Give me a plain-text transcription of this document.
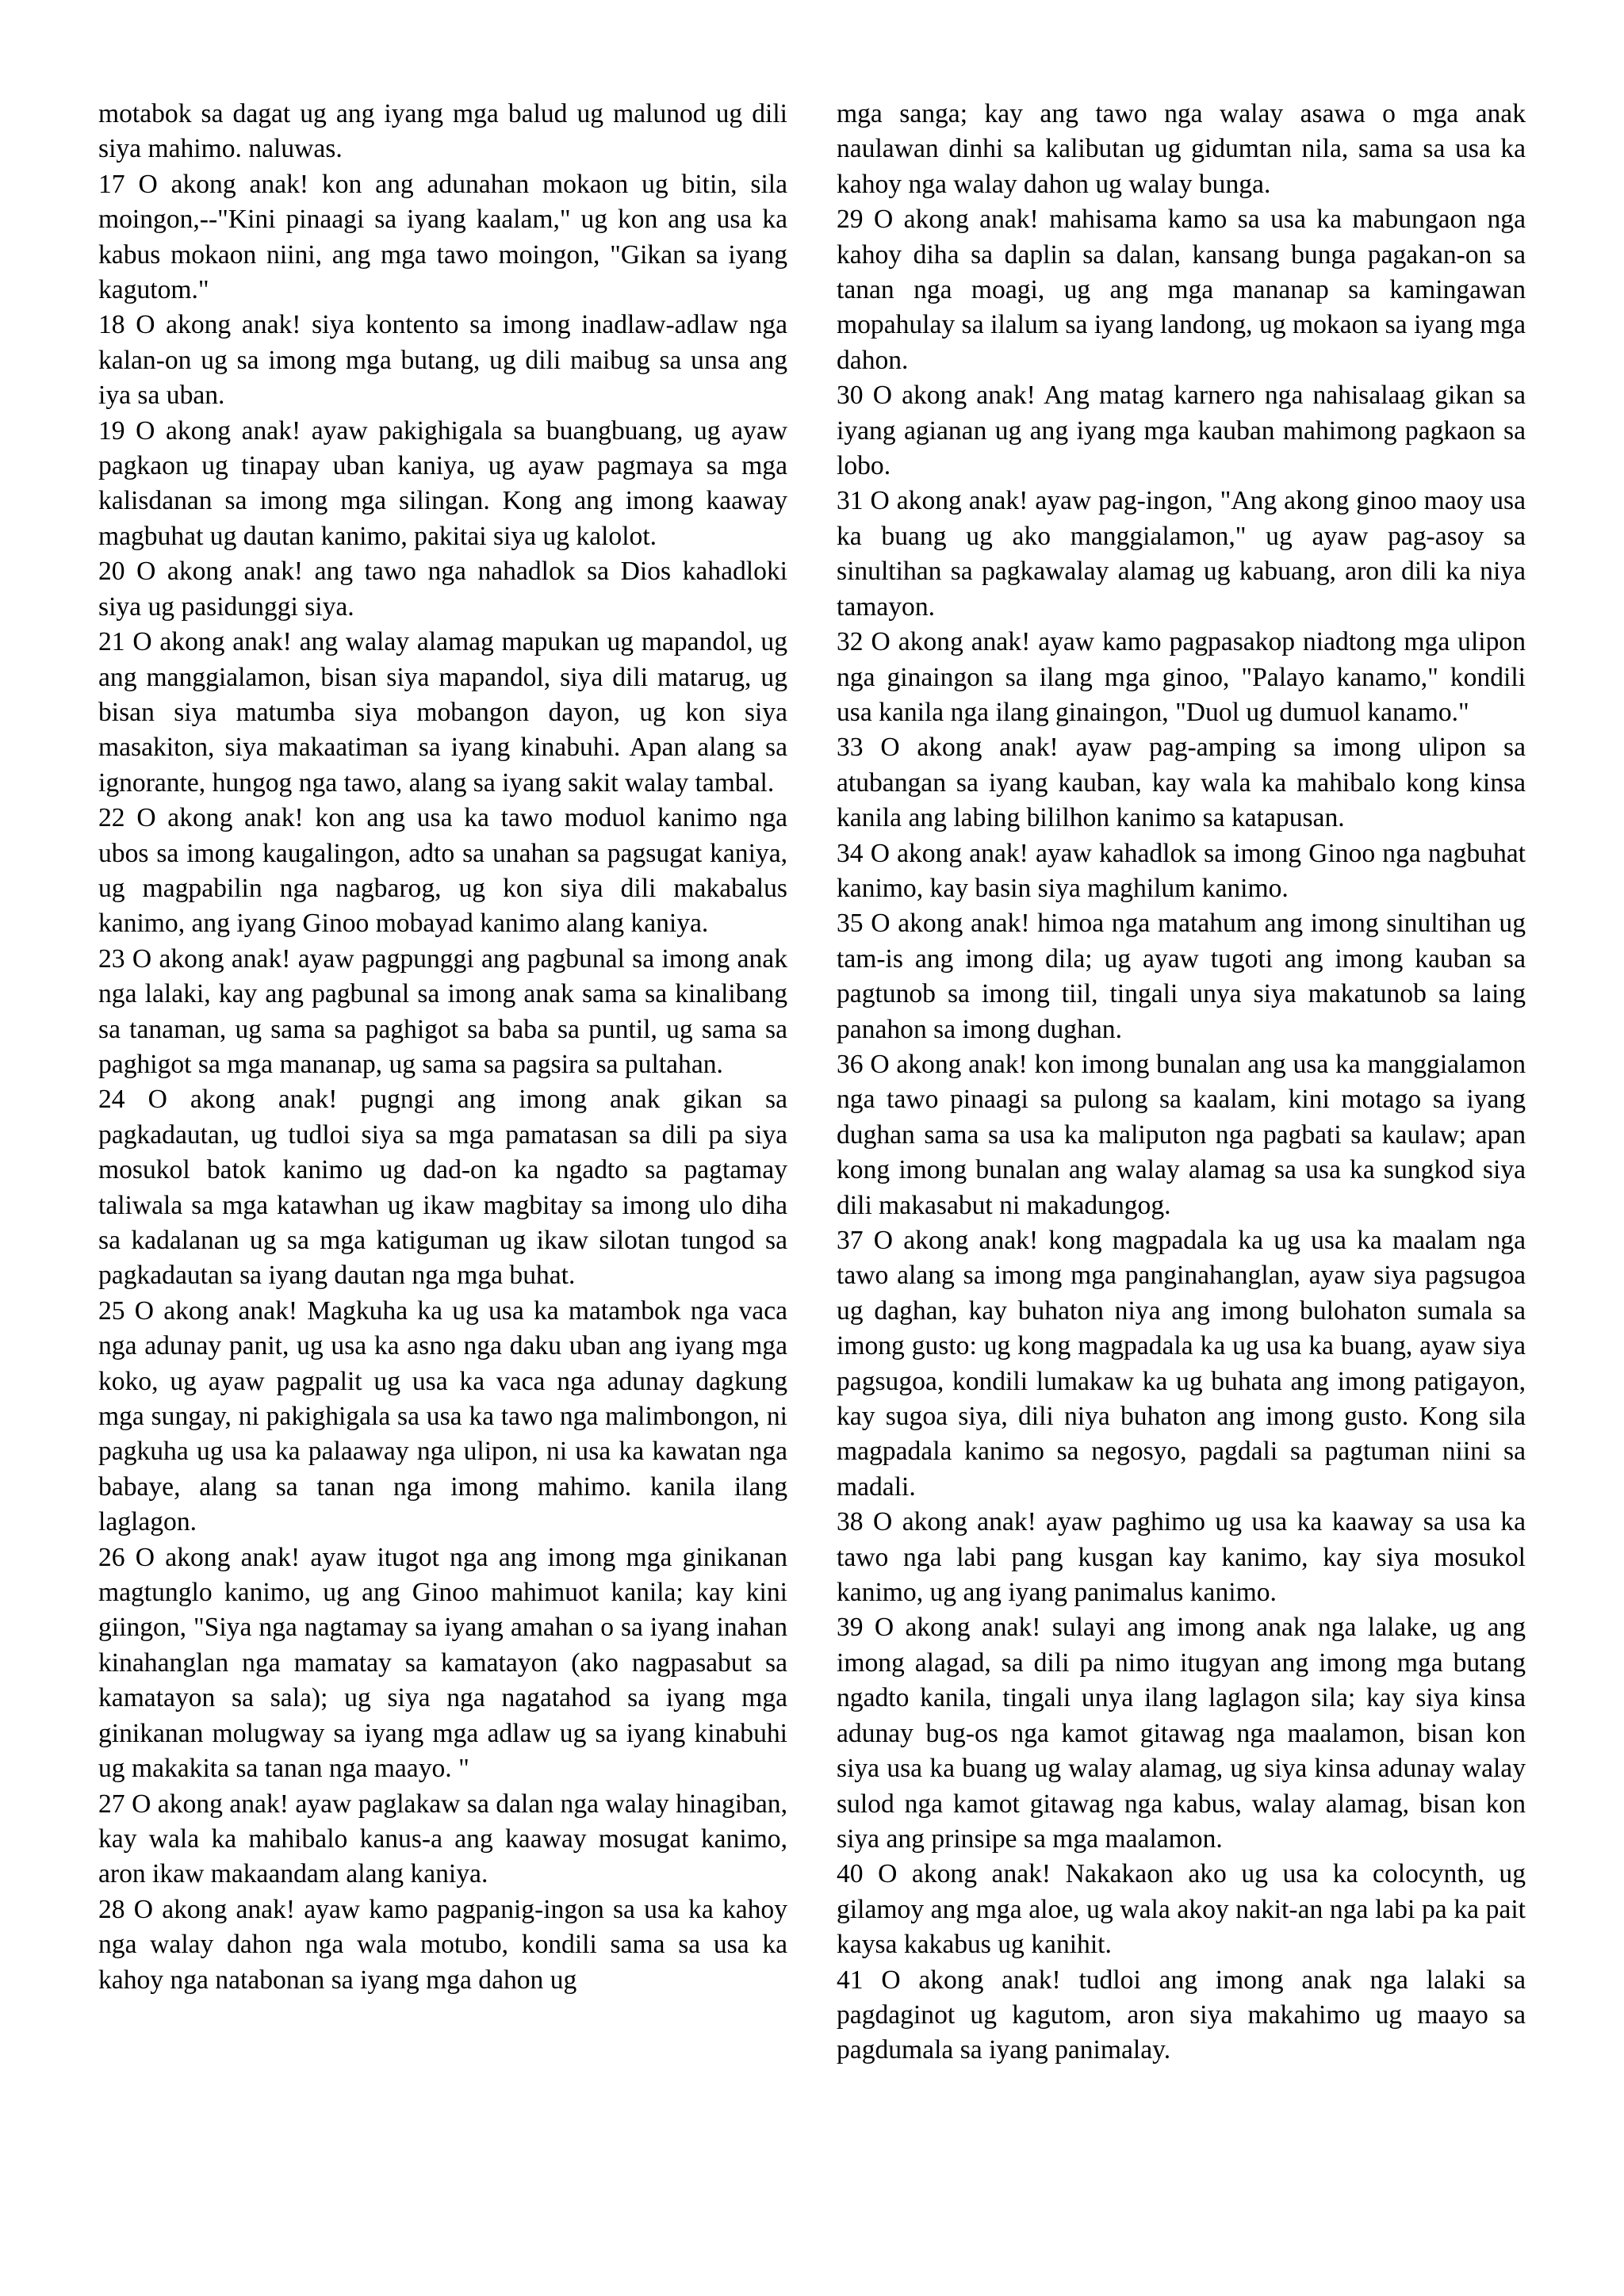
motabok sa dagat ug ang iyang mga balud ug malunod ug dili siya mahimo. naluwas.

17 O akong anak! kon ang adunahan mokaon ug bitin, sila moingon,--"Kini pinaagi sa iyang kaalam," ug kon ang usa ka kabus mokaon niini, ang mga tawo moingon, "Gikan sa iyang kagutom."

18 O akong anak! siya kontento sa imong inadlaw-adlaw nga kalan-on ug sa imong mga butang, ug dili maibug sa unsa ang iya sa uban.

19 O akong anak! ayaw pakighigala sa buangbuang, ug ayaw pagkaon ug tinapay uban kaniya, ug ayaw pagmaya sa mga kalisdanan sa imong mga silingan. Kong ang imong kaaway magbuhat ug dautan kanimo, pakitai siya ug kalolot.

20 O akong anak! ang tawo nga nahadlok sa Dios kahadloki siya ug pasidunggi siya.

21 O akong anak! ang walay alamag mapukan ug mapandol, ug ang manggialamon, bisan siya mapandol, siya dili matarug, ug bisan siya matumba siya mobangon dayon, ug kon siya masakiton, siya makaatiman sa iyang kinabuhi. Apan alang sa ignorante, hungog nga tawo, alang sa iyang sakit walay tambal.

22 O akong anak! kon ang usa ka tawo moduol kanimo nga ubos sa imong kaugalingon, adto sa unahan sa pagsugat kaniya, ug magpabilin nga nagbarog, ug kon siya dili makabalus kanimo, ang iyang Ginoo mobayad kanimo alang kaniya.

23 O akong anak! ayaw pagpunggi ang pagbunal sa imong anak nga lalaki, kay ang pagbunal sa imong anak sama sa kinalibang sa tanaman, ug sama sa paghigot sa baba sa puntil, ug sama sa paghigot sa mga mananap, ug sama sa pagsira sa pultahan.

24 O akong anak! pugngi ang imong anak gikan sa pagkadautan, ug tudloi siya sa mga pamatasan sa dili pa siya mosukol batok kanimo ug dad-on ka ngadto sa pagtamay taliwala sa mga katawhan ug ikaw magbitay sa imong ulo diha sa kadalanan ug sa mga katiguman ug ikaw silotan tungod sa pagkadautan sa iyang dautan nga mga buhat.

25 O akong anak! Magkuha ka ug usa ka matambok nga vaca nga adunay panit, ug usa ka asno nga daku uban ang iyang mga koko, ug ayaw pagpalit ug usa ka vaca nga adunay dagkung mga sungay, ni pakighigala sa usa ka tawo nga malimbongon, ni pagkuha ug usa ka palaaway nga ulipon, ni usa ka kawatan nga babaye, alang sa tanan nga imong mahimo. kanila ilang laglagon.

26 O akong anak! ayaw itugot nga ang imong mga ginikanan magtunglo kanimo, ug ang Ginoo mahimuot kanila; kay kini giingon, "Siya nga nagtamay sa iyang amahan o sa iyang inahan kinahanglan nga mamatay sa kamatayon (ako nagpasabut sa kamatayon sa sala); ug siya nga nagatahod sa iyang mga ginikanan molugway sa iyang mga adlaw ug sa iyang kinabuhi ug makakita sa tanan nga maayo. "

27 O akong anak! ayaw paglakaw sa dalan nga walay hinagiban, kay wala ka mahibalo kanus-a ang kaaway mosugat kanimo, aron ikaw makaandam alang kaniya.

28 O akong anak! ayaw kamo pagpanig-ingon sa usa ka kahoy nga walay dahon nga wala motubo, kondili sama sa usa ka kahoy nga natabonan sa iyang mga dahon ug

mga sanga; kay ang tawo nga walay asawa o mga anak naulawan dinhi sa kalibutan ug gidumtan nila, sama sa usa ka kahoy nga walay dahon ug walay bunga.

29 O akong anak! mahisama kamo sa usa ka mabungaon nga kahoy diha sa daplin sa dalan, kansang bunga pagakan-on sa tanan nga moagi, ug ang mga mananap sa kamingawan mopahulay sa ilalum sa iyang landong, ug mokaon sa iyang mga dahon.

30 O akong anak! Ang matag karnero nga nahisalaag gikan sa iyang agianan ug ang iyang mga kauban mahimong pagkaon sa lobo.

31 O akong anak! ayaw pag-ingon, "Ang akong ginoo maoy usa ka buang ug ako manggialamon," ug ayaw pag-asoy sa sinultihan sa pagkawalay alamag ug kabuang, aron dili ka niya tamayon.

32 O akong anak! ayaw kamo pagpasakop niadtong mga ulipon nga ginaingon sa ilang mga ginoo, "Palayo kanamo," kondili usa kanila nga ilang ginaingon, "Duol ug dumuol kanamo."

33 O akong anak! ayaw pag-amping sa imong ulipon sa atubangan sa iyang kauban, kay wala ka mahibalo kong kinsa kanila ang labing bililhon kanimo sa katapusan.

34 O akong anak! ayaw kahadlok sa imong Ginoo nga nagbuhat kanimo, kay basin siya maghilum kanimo.

35 O akong anak! himoa nga matahum ang imong sinultihan ug tam-is ang imong dila; ug ayaw tugoti ang imong kauban sa pagtunob sa imong tiil, tingali unya siya makatunob sa laing panahon sa imong dughan.

36 O akong anak! kon imong bunalan ang usa ka manggialamon nga tawo pinaagi sa pulong sa kaalam, kini motago sa iyang dughan sama sa usa ka maliputon nga pagbati sa kaulaw; apan kong imong bunalan ang walay alamag sa usa ka sungkod siya dili makasabut ni makadungog.

37 O akong anak! kong magpadala ka ug usa ka maalam nga tawo alang sa imong mga panginahanglan, ayaw siya pagsugoa ug daghan, kay buhaton niya ang imong bulohaton sumala sa imong gusto: ug kong magpadala ka ug usa ka buang, ayaw siya pagsugoa, kondili lumakaw ka ug buhata ang imong patigayon, kay sugoa siya, dili niya buhaton ang imong gusto. Kong sila magpadala kanimo sa negosyo, pagdali sa pagtuman niini sa madali.

38 O akong anak! ayaw paghimo ug usa ka kaaway sa usa ka tawo nga labi pang kusgan kay kanimo, kay siya mosukol kanimo, ug ang iyang panimalus kanimo.

39 O akong anak! sulayi ang imong anak nga lalake, ug ang imong alagad, sa dili pa nimo itugyan ang imong mga butang ngadto kanila, tingali unya ilang laglagon sila; kay siya kinsa adunay bug-os nga kamot gitawag nga maalamon, bisan kon siya usa ka buang ug walay alamag, ug siya kinsa adunay walay sulod nga kamot gitawag nga kabus, walay alamag, bisan kon siya ang prinsipe sa mga maalamon.

40 O akong anak! Nakakaon ako ug usa ka colocynth, ug gilamoy ang mga aloe, ug wala akoy nakit-an nga labi pa ka pait kaysa kakabus ug kanihit.

41 O akong anak! tudloi ang imong anak nga lalaki sa pagdaginot ug kagutom, aron siya makahimo ug maayo sa pagdumala sa iyang panimalay.
